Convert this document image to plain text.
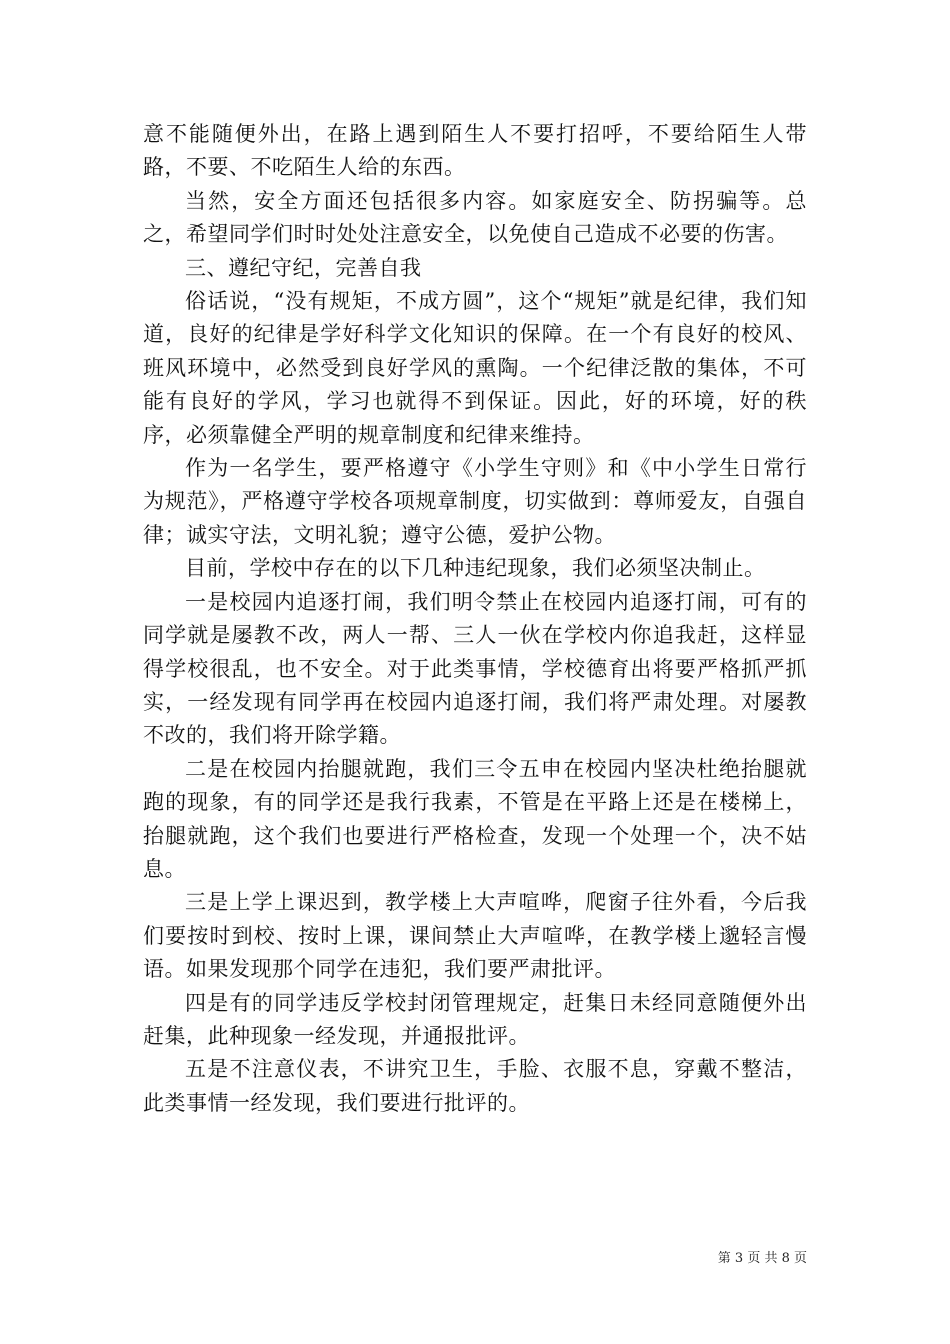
意不能随便外出，在路上遇到陌生人不要打招呼，不要给陌生人带路，不要、不吃陌生人给的东西。

当然，安全方面还包括很多内容。如家庭安全、防拐骗等。总之，希望同学们时时处处注意安全，以免使自己造成不必要的伤害。

三、遵纪守纪，完善自我

俗话说，“没有规矩，不成方圆”，这个“规矩”就是纪律，我们知道，良好的纪律是学好科学文化知识的保障。在一个有良好的校风、班风环境中，必然受到良好学风的熏陶。一个纪律泛散的集体，不可能有良好的学风，学习也就得不到保证。因此，好的环境，好的秩序，必须靠健全严明的规章制度和纪律来维持。

作为一名学生，要严格遵守《小学生守则》和《中小学生日常行为规范》，严格遵守学校各项规章制度，切实做到：尊师爱友，自强自律；诚实守法，文明礼貌；遵守公德，爱护公物。

目前，学校中存在的以下几种违纪现象，我们必须坚决制止。

一是校园内追逐打闹，我们明令禁止在校园内追逐打闹，可有的同学就是屡教不改，两人一帮、三人一伙在学校内你追我赶，这样显得学校很乱，也不安全。对于此类事情，学校德育出将要严格抓严抓实，一经发现有同学再在校园内追逐打闹，我们将严肃处理。对屡教不改的，我们将开除学籍。

二是在校园内抬腿就跑，我们三令五申在校园内坚决杜绝抬腿就跑的现象，有的同学还是我行我素，不管是在平路上还是在楼梯上，抬腿就跑，这个我们也要进行严格检查，发现一个处理一个，决不姑息。

三是上学上课迟到，教学楼上大声喧哗，爬窗子往外看，今后我们要按时到校、按时上课，课间禁止大声喧哗，在教学楼上邈轻言慢语。如果发现那个同学在违犯，我们要严肃批评。

四是有的同学违反学校封闭管理规定，赶集日未经同意随便外出赶集，此种现象一经发现，并通报批评。

五是不注意仪表，不讲究卫生，手脸、衣服不息，穿戴不整洁，此类事情一经发现，我们要进行批评的。

第 3 页 共 8 页
